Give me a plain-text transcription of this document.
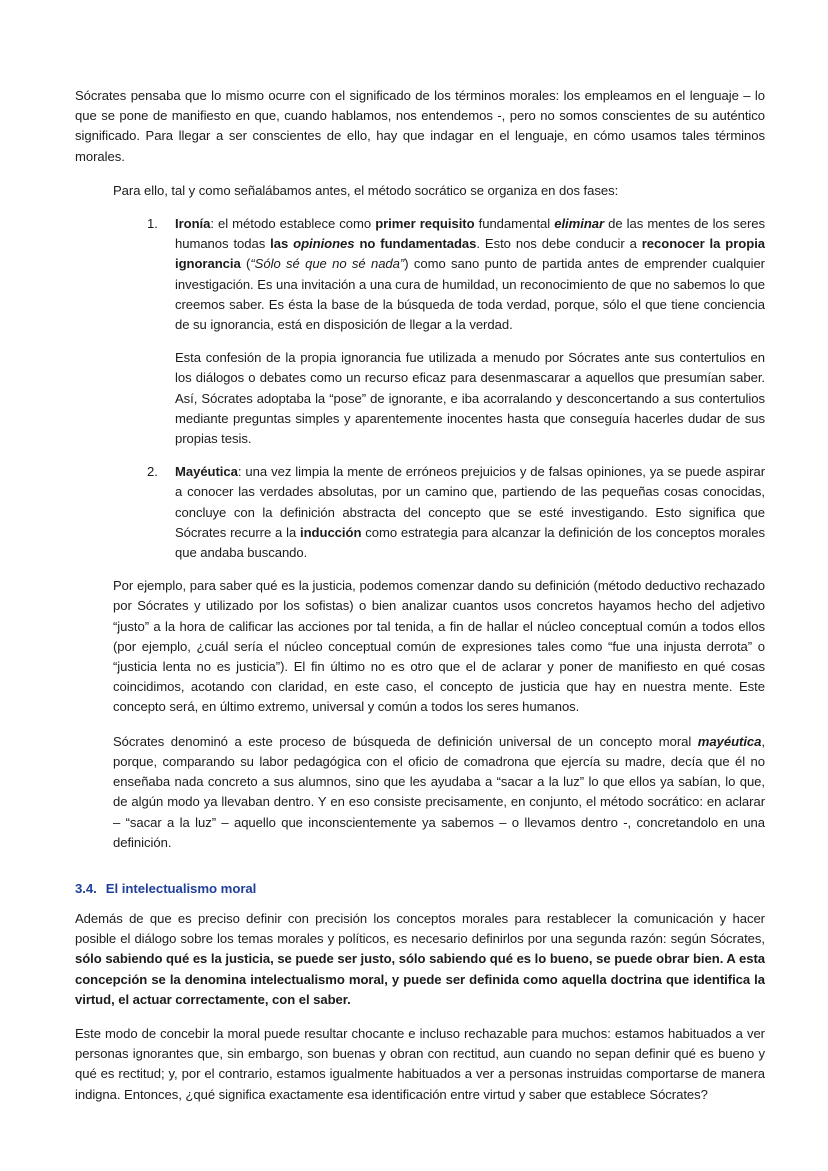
Sócrates pensaba que lo mismo ocurre con el significado de los términos morales: los empleamos en el lenguaje – lo que se pone de manifiesto en que, cuando hablamos, nos entendemos -, pero no somos conscientes de su auténtico significado. Para llegar a ser conscientes de ello, hay que indagar en el lenguaje, en cómo usamos tales términos morales.

Para ello, tal y como señalábamos antes, el método socrático se organiza en dos fases:

1. Ironía: el método establece como primer requisito fundamental eliminar de las mentes de los seres humanos todas las opiniones no fundamentadas. Esto nos debe conducir a reconocer la propia ignorancia (“Sólo sé que no sé nada”) como sano punto de partida antes de emprender cualquier investigación. Es una invitación a una cura de humildad, un reconocimiento de que no sabemos lo que creemos saber. Es ésta la base de la búsqueda de toda verdad, porque, sólo el que tiene conciencia de su ignorancia, está en disposición de llegar a la verdad.

Esta confesión de la propia ignorancia fue utilizada a menudo por Sócrates ante sus contertulios en los diálogos o debates como un recurso eficaz para desenmascarar a aquellos que presumían saber. Así, Sócrates adoptaba la “pose” de ignorante, e iba acorralando y desconcertando a sus contertulios mediante preguntas simples y aparentemente inocentes hasta que conseguía hacerles dudar de sus propias tesis.

2. Mayéutica: una vez limpia la mente de erróneos prejuicios y de falsas opiniones, ya se puede aspirar a conocer las verdades absolutas, por un camino que, partiendo de las pequeñas cosas conocidas, concluye con la definición abstracta del concepto que se esté investigando. Esto significa que Sócrates recurre a la inducción como estrategia para alcanzar la definición de los conceptos morales que andaba buscando.

Por ejemplo, para saber qué es la justicia, podemos comenzar dando su definición (método deductivo rechazado por Sócrates y utilizado por los sofistas) o bien analizar cuantos usos concretos hayamos hecho del adjetivo “justo” a la hora de calificar las acciones por tal tenida, a fin de hallar el núcleo conceptual común a todos ellos (por ejemplo, ¿cuál sería el núcleo conceptual común de expresiones tales como “fue una injusta derrota” o “justicia lenta no es justicia”). El fin último no es otro que el de aclarar y poner de manifiesto en qué cosas coincidimos, acotando con claridad, en este caso, el concepto de justicia que hay en nuestra mente. Este concepto será, en último extremo, universal y común a todos los seres humanos.

Sócrates denominó a este proceso de búsqueda de definición universal de un concepto moral mayéutica, porque, comparando su labor pedagógica con el oficio de comadrona que ejercía su madre, decía que él no enseñaba nada concreto a sus alumnos, sino que les ayudaba a “sacar a la luz” lo que ellos ya sabían, lo que, de algún modo ya llevaban dentro. Y en eso consiste precisamente, en conjunto, el método socrático: en aclarar – “sacar a la luz” – aquello que inconscientemente ya sabemos – o llevamos dentro -, concretandolo en una definición.

3.4. El intelectualismo moral

Además de que es preciso definir con precisión los conceptos morales para restablecer la comunicación y hacer posible el diálogo sobre los temas morales y políticos, es necesario definirlos por una segunda razón: según Sócrates, sólo sabiendo qué es la justicia, se puede ser justo, sólo sabiendo qué es lo bueno, se puede obrar bien. A esta concepción se la denomina intelectualismo moral, y puede ser definida como aquella doctrina que identifica la virtud, el actuar correctamente, con el saber.

Este modo de concebir la moral puede resultar chocante e incluso rechazable para muchos: estamos habituados a ver personas ignorantes que, sin embargo, son buenas y obran con rectitud, aun cuando no sepan definir qué es bueno y qué es rectitud; y, por el contrario, estamos igualmente habituados a ver a personas instruidas comportarse de manera indigna. Entonces, ¿qué significa exactamente esa identificación entre virtud y saber que establece Sócrates?
